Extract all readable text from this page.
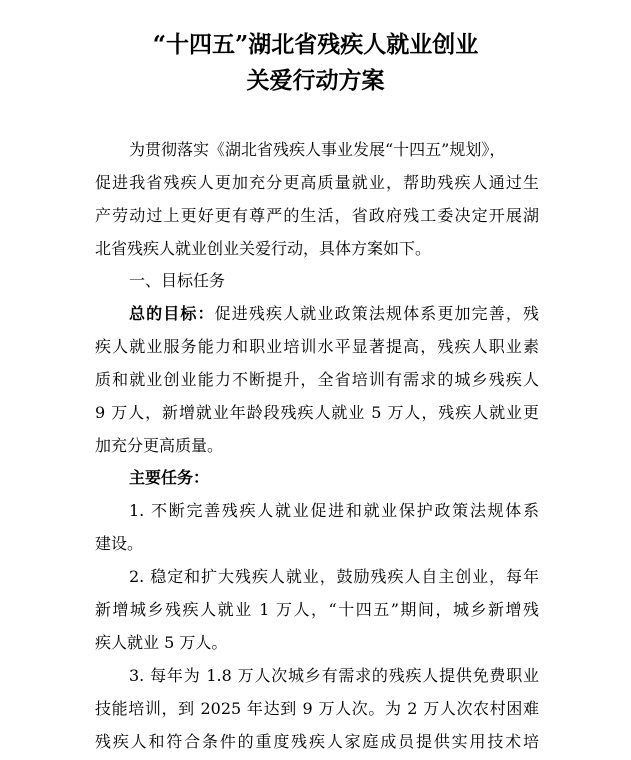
“十四五”湖北省残疾人就业创业
关爱行动方案
为贯彻落实《湖北省残疾人事业发展“十四五”规划》，
促进我省残疾人更加充分更高质量就业，帮助残疾人通过生
产劳动过上更好更有尊严的生活，省政府残工委决定开展湖
北省残疾人就业创业关爱行动，具体方案如下。
一、目标任务
总的目标：促进残疾人就业政策法规体系更加完善，残
疾人就业服务能力和职业培训水平显著提高，残疾人职业素
质和就业创业能力不断提升，全省培训有需求的城乡残疾人
9 万人，新增就业年龄段残疾人就业 5 万人，残疾人就业更
加充分更高质量。
主要任务：
1. 不断完善残疾人就业促进和就业保护政策法规体系
建设。
2. 稳定和扩大残疾人就业，鼓励残疾人自主创业，每年
新增城乡残疾人就业 1 万人，“十四五”期间，城乡新增残
疾人就业 5 万人。
3. 每年为 1.8 万人次城乡有需求的残疾人提供免费职业
技能培训，到 2025 年达到 9 万人次。为 2 万人次农村困难
残疾人和符合条件的重度残疾人家庭成员提供实用技术培
